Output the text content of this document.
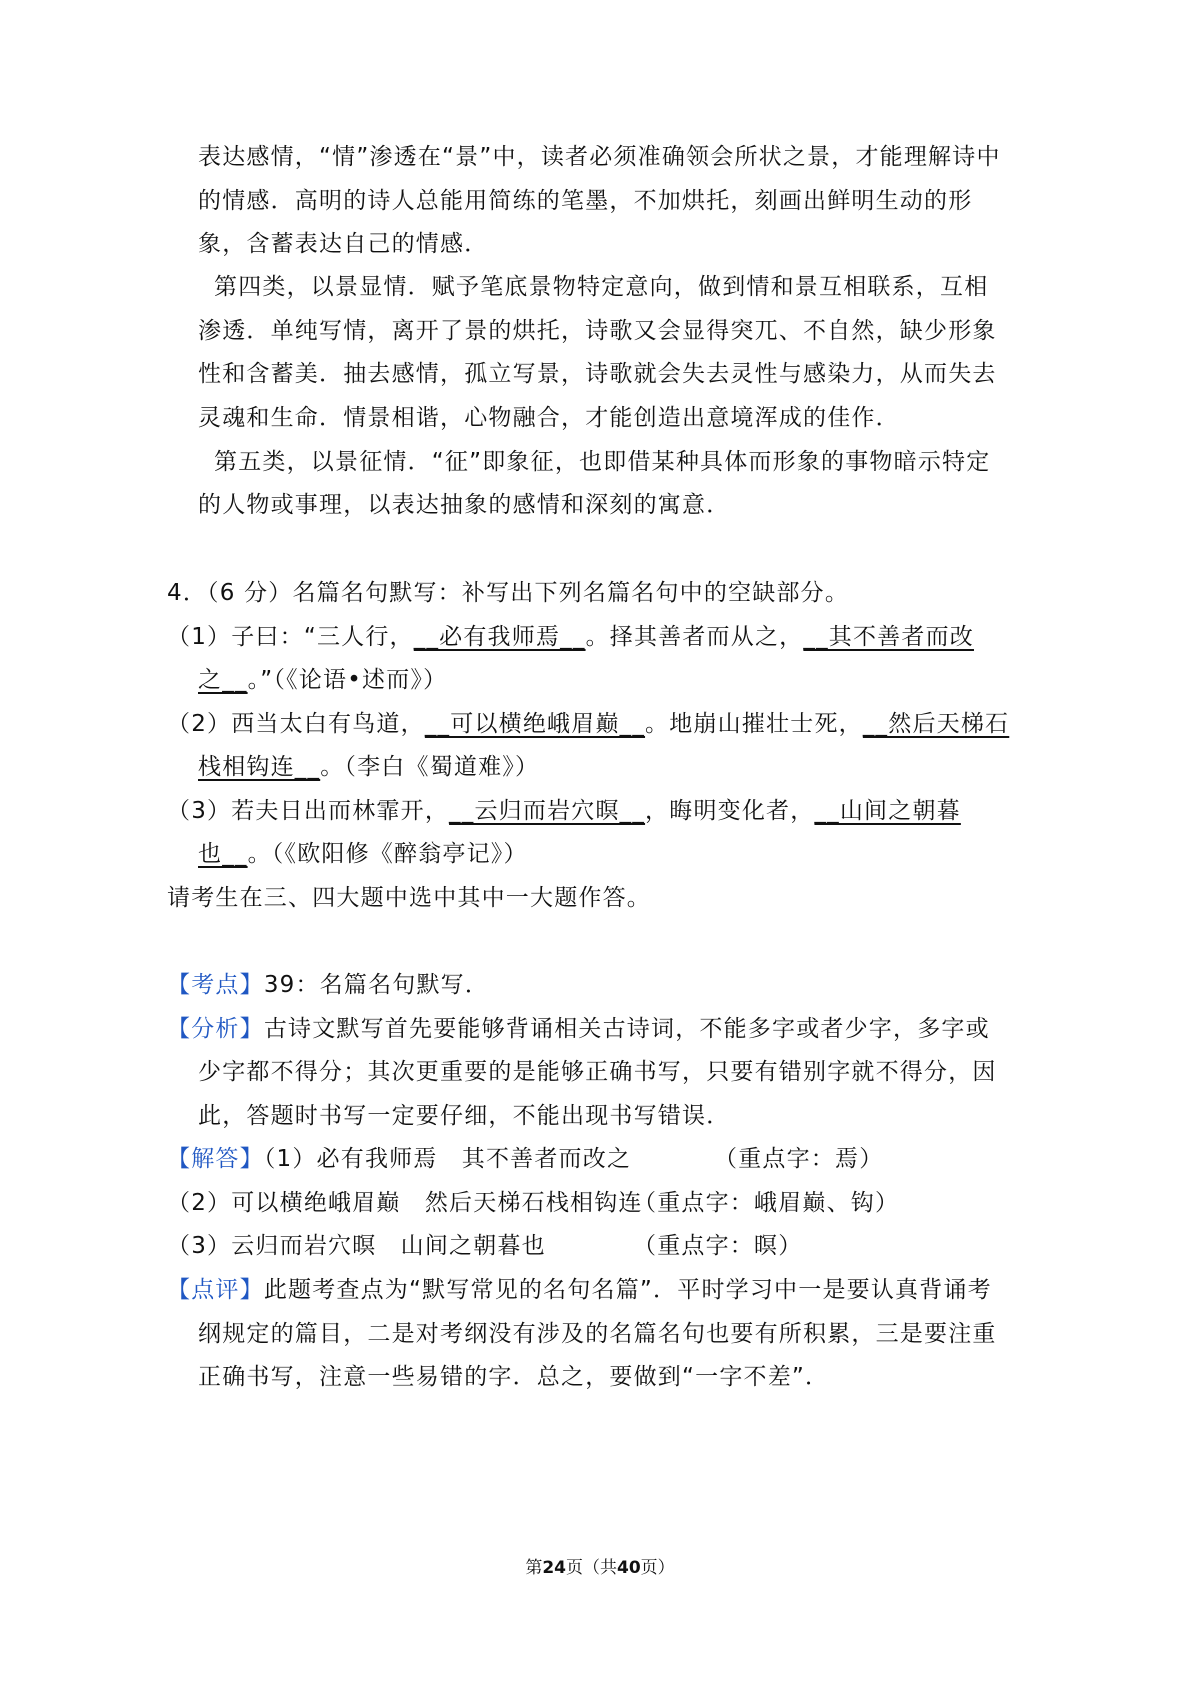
表达感情，“情”渗透在“景”中，读者必须准确领会所状之景，才能理解诗中
的情感．高明的诗人总能用简练的笔墨，不加烘托，刻画出鲜明生动的形
象，含蓄表达自己的情感．
第四类，以景显情．赋予笔底景物特定意向，做到情和景互相联系，互相
渗透．单纯写情，离开了景的烘托，诗歌又会显得突兀、不自然，缺少形象
性和含蓄美．抽去感情，孤立写景，诗歌就会失去灵性与感染力，从而失去
灵魂和生命．情景相谐，心物融合，才能创造出意境浑成的佳作．
第五类，以景征情．“征”即象征，也即借某种具体而形象的事物暗示特定
的人物或事理，以表达抽象的感情和深刻的寓意．
4．（6 分）名篇名句默写：补写出下列名篇名句中的空缺部分。
（1）子曰：“三人行，__必有我师焉__。择其善者而从之，__其不善者而改
之__。”（《论语•述而》）
（2）西当太白有鸟道，__可以横绝峨眉巅__。地崩山摧壮士死，__然后天梯石
栈相钩连__。（李白《蜀道难》）
（3）若夫日出而林霏开，__云归而岩穴暝__，晦明变化者，__山间之朝暮
也__。（《欧阳修《醉翁亭记》）
请考生在三、四大题中选中其中一大题作答。
【考点】39：名篇名句默写．
【分析】古诗文默写首先要能够背诵相关古诗词，不能多字或者少字，多字或
少字都不得分；其次更重要的是能够正确书写，只要有错别字就不得分，因
此，答题时书写一定要仔细，不能出现书写错误．
【解答】（1）必有我师焉　其不善者而改之	（重点字：焉）
（2）可以横绝峨眉巅　然后天梯石栈相钩连
（重点字：峨眉巅、钩）
（3）云归而岩穴暝　山间之朝暮也	（重点字：暝）
【点评】此题考查点为“默写常见的名句名篇”．平时学习中一是要认真背诵考
纲规定的篇目，二是对考纲没有涉及的名篇名句也要有所积累，三是要注重
正确书写，注意一些易错的字．总之，要做到“一字不差”．
第24页（共40页）
